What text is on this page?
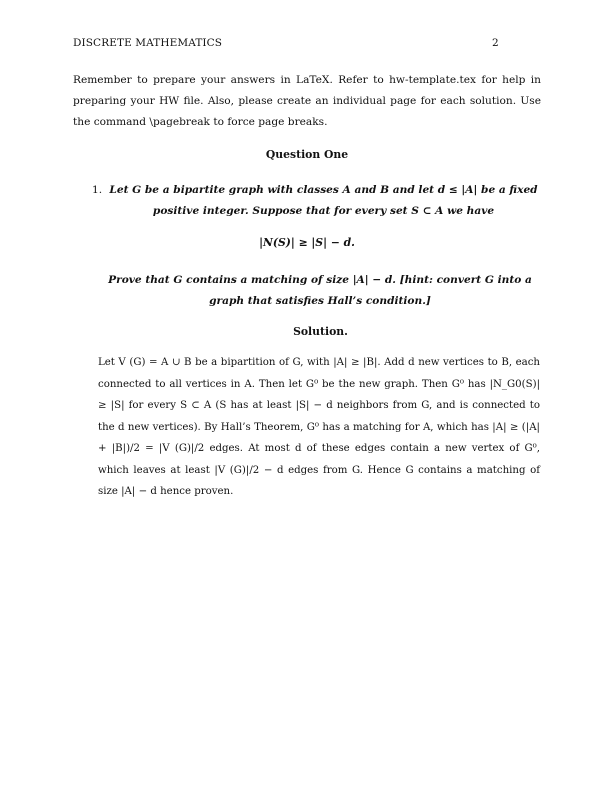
DISCRETE MATHEMATICS	2
Remember to prepare your answers in LaTeX. Refer to hw-template.tex for help in preparing your HW file. Also, please create an individual page for each solution. Use the command \pagebreak to force page breaks.
Question One
1. Let G be a bipartite graph with classes A and B and let d ≤ |A| be a fixed positive integer. Suppose that for every set S ⊂ A we have
|N(S)| ≥ |S| − d.
Prove that G contains a matching of size |A| − d. [hint: convert G into a graph that satisfies Hall’s condition.]
Solution.
Let V (G) = A ∪ B be a bipartition of G, with |A| ≥ |B|. Add d new vertices to B, each connected to all vertices in A. Then let G⁰ be the new graph. Then G⁰ has |N_G0(S)| ≥ |S| for every S ⊂ A (S has at least |S| − d neighbors from G, and is connected to the d new vertices). By Hall’s Theorem, G⁰ has a matching for A, which has |A| ≥ (|A| + |B|)/2 = |V (G)|/2 edges. At most d of these edges contain a new vertex of G⁰, which leaves at least |V (G)|/2 − d edges from G. Hence G contains a matching of size |A| − d hence proven.
